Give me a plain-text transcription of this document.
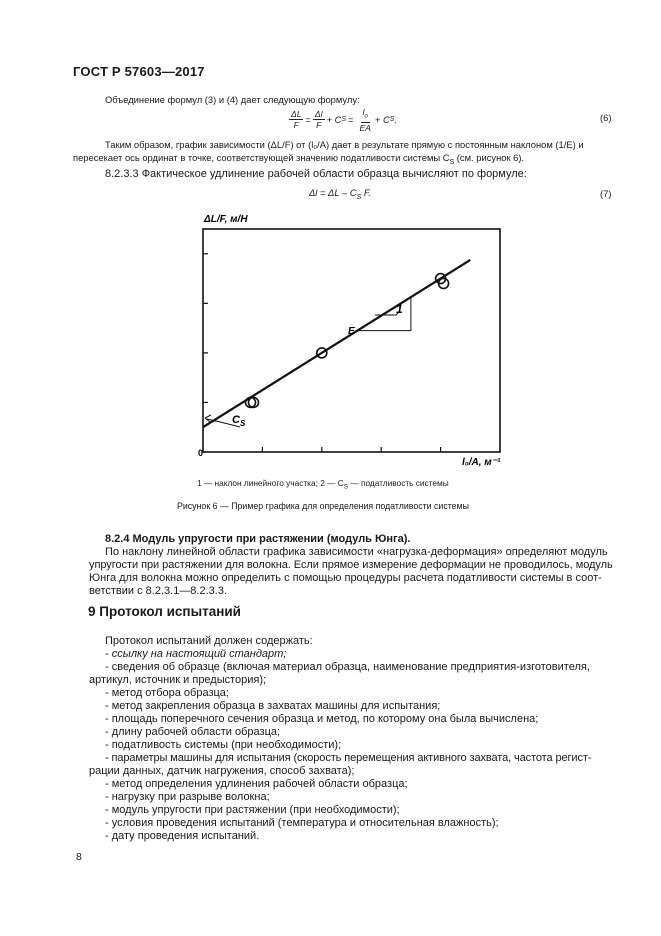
ГОСТ Р 57603—2017
Объединение формул (3) и (4) дает следующую формулу:
$\frac{\Delta L}{F} = \frac{\Delta l}{F} + C$ $S = \frac{l_o}{EA} + C$ S .	(6)
Таким образом, график зависимости (ΔL/F) от (l₀/A) дает в результате прямую с постоянным наклоном (1/E) и
пересекает ось ординат в точке, соответствующей значению податливости системы $C_S$ (см. рисунок 6).
8.2.3.3 Фактическое удлинение рабочей области образца вычисляют по формуле:
$\Delta l = \Delta L - C_S$ F.	(7)
E
1
$C_S$
ΔL/F, м/Н
l₀/A, м⁻¹
0
1 — наклон линейного участка; 2 — $C_S$ — податливость системы
Рисунок 6 — Пример графика для определения податливости системы
8.2.4 Модуль упругости при растяжении (модуль Юнга).
По наклону линейной области графика зависимости «нагрузка-деформация» определяют модуль
упругости при растяжении для волокна. Если прямое измерение деформации не проводилось, модуль
Юнга для волокна можно определить с помощью процедуры расчета податливости системы в соот-
ветствии с 8.2.3.1—8.2.3.3.
9 Протокол испытаний
Протокол испытаний должен содержать:
- ссылку на настоящий стандарт;
- сведения об образце (включая материал образца, наименование предприятия-изготовителя,
артикул, источник и предыстория);
- метод отбора образца;
- метод закрепления образца в захватах машины для испытания;
- площадь поперечного сечения образца и метод, по которому она была вычислена;
- длину рабочей области образца;
- податливость системы (при необходимости);
- параметры машины для испытания (скорость перемещения активного захвата, частота регист-
рации данных, датчик нагружения, способ захвата);
- метод определения удлинения рабочей области образца;
- нагрузку при разрыве волокна;
- модуль упругости при растяжении (при необходимости);
- условия проведения испытаний (температура и относительная влажность);
- дату проведения испытаний.
8
